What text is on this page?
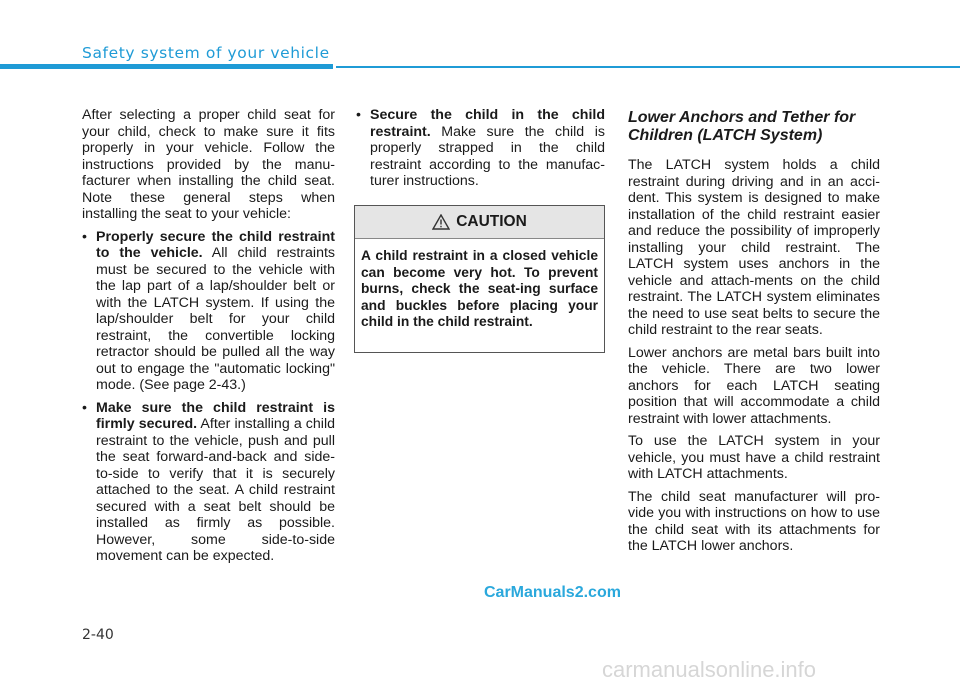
Safety system of your vehicle

After selecting a proper child seat for your child, check to make sure it fits properly in your vehicle. Follow the instructions provided by the manu-facturer when installing the child seat. Note these general steps when installing the seat to your vehicle:

• Properly secure the child restraint to the vehicle. All child restraints must be secured to the vehicle with the lap part of a lap/shoulder belt or with the LATCH system. If using the lap/shoulder belt for your child restraint, the convertible locking retractor should be pulled all the way out to engage the "automatic locking" mode. (See page 2-43.)
• Make sure the child restraint is firmly secured. After installing a child restraint to the vehicle, push and pull the seat forward-and-back and side-to-side to verify that it is securely attached to the seat. A child restraint secured with a seat belt should be installed as firmly as possible. However, some side-to-side movement can be expected.
• Secure the child in the child restraint. Make sure the child is properly strapped in the child restraint according to the manufac-turer instructions.
CAUTION
A child restraint in a closed vehicle can become very hot. To prevent burns, check the seat-ing surface and buckles before placing your child in the child restraint.
Lower Anchors and Tether for Children (LATCH System)

The LATCH system holds a child restraint during driving and in an acci-dent. This system is designed to make installation of the child restraint easier and reduce the possibility of improperly installing your child restraint. The LATCH system uses anchors in the vehicle and attach-ments on the child restraint. The LATCH system eliminates the need to use seat belts to secure the child restraint to the rear seats.

Lower anchors are metal bars built into the vehicle. There are two lower anchors for each LATCH seating position that will accommodate a child restraint with lower attachments.

To use the LATCH system in your vehicle, you must have a child restraint with LATCH attachments.

The child seat manufacturer will pro-vide you with instructions on how to use the child seat with its attachments for the LATCH lower anchors.

CarManuals2.com
2-40
carmanualsonline.info
